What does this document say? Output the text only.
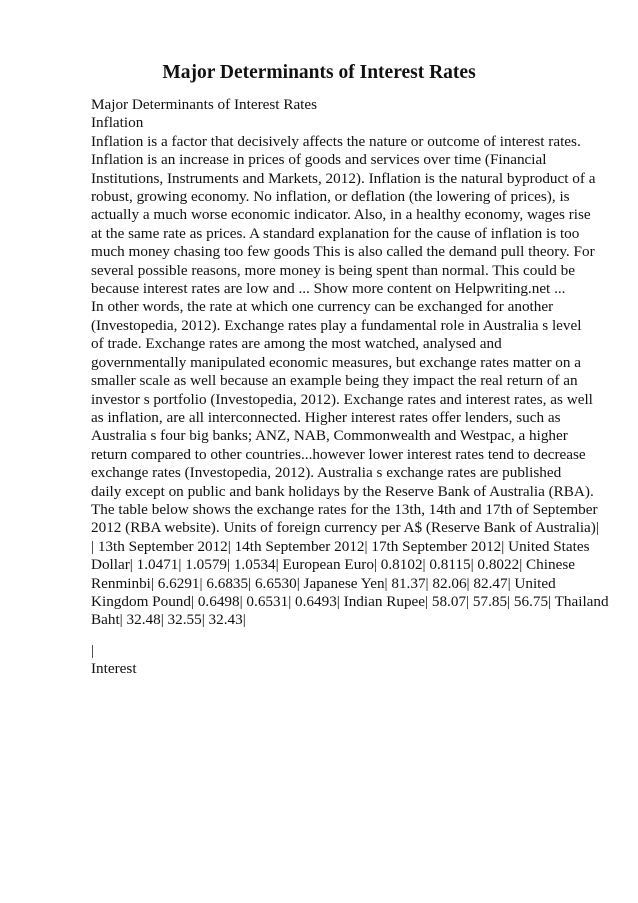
Major Determinants of Interest Rates
Major Determinants of Interest Rates
Inflation
Inflation is a factor that decisively affects the nature or outcome of interest rates.
Inflation is an increase in prices of goods and services over time (Financial
Institutions, Instruments and Markets, 2012). Inflation is the natural byproduct of a
robust, growing economy. No inflation, or deflation (the lowering of prices), is
actually a much worse economic indicator. Also, in a healthy economy, wages rise
at the same rate as prices. A standard explanation for the cause of inflation is too
much money chasing too few goods This is also called the demand pull theory. For
several possible reasons, more money is being spent than normal. This could be
because interest rates are low and ... Show more content on Helpwriting.net ...
In other words, the rate at which one currency can be exchanged for another
(Investopedia, 2012). Exchange rates play a fundamental role in Australia s level
of trade. Exchange rates are among the most watched, analysed and
governmentally manipulated economic measures, but exchange rates matter on a
smaller scale as well because an example being they impact the real return of an
investor s portfolio (Investopedia, 2012). Exchange rates and interest rates, as well
as inflation, are all interconnected. Higher interest rates offer lenders, such as
Australia s four big banks; ANZ, NAB, Commonwealth and Westpac, a higher
return compared to other countries...however lower interest rates tend to decrease
exchange rates (Investopedia, 2012). Australia s exchange rates are published
daily except on public and bank holidays by the Reserve Bank of Australia (RBA).
The table below shows the exchange rates for the 13th, 14th and 17th of September
2012 (RBA website). Units of foreign currency per A$ (Reserve Bank of Australia)|
| 13th September 2012| 14th September 2012| 17th September 2012| United States
Dollar| 1.0471| 1.0579| 1.0534| European Euro| 0.8102| 0.8115| 0.8022| Chinese
Renminbi| 6.6291| 6.6835| 6.6530| Japanese Yen| 81.37| 82.06| 82.47| United
Kingdom Pound| 0.6498| 0.6531| 0.6493| Indian Rupee| 58.07| 57.85| 56.75| Thailand
Baht| 32.48| 32.55| 32.43|
|
Interest
